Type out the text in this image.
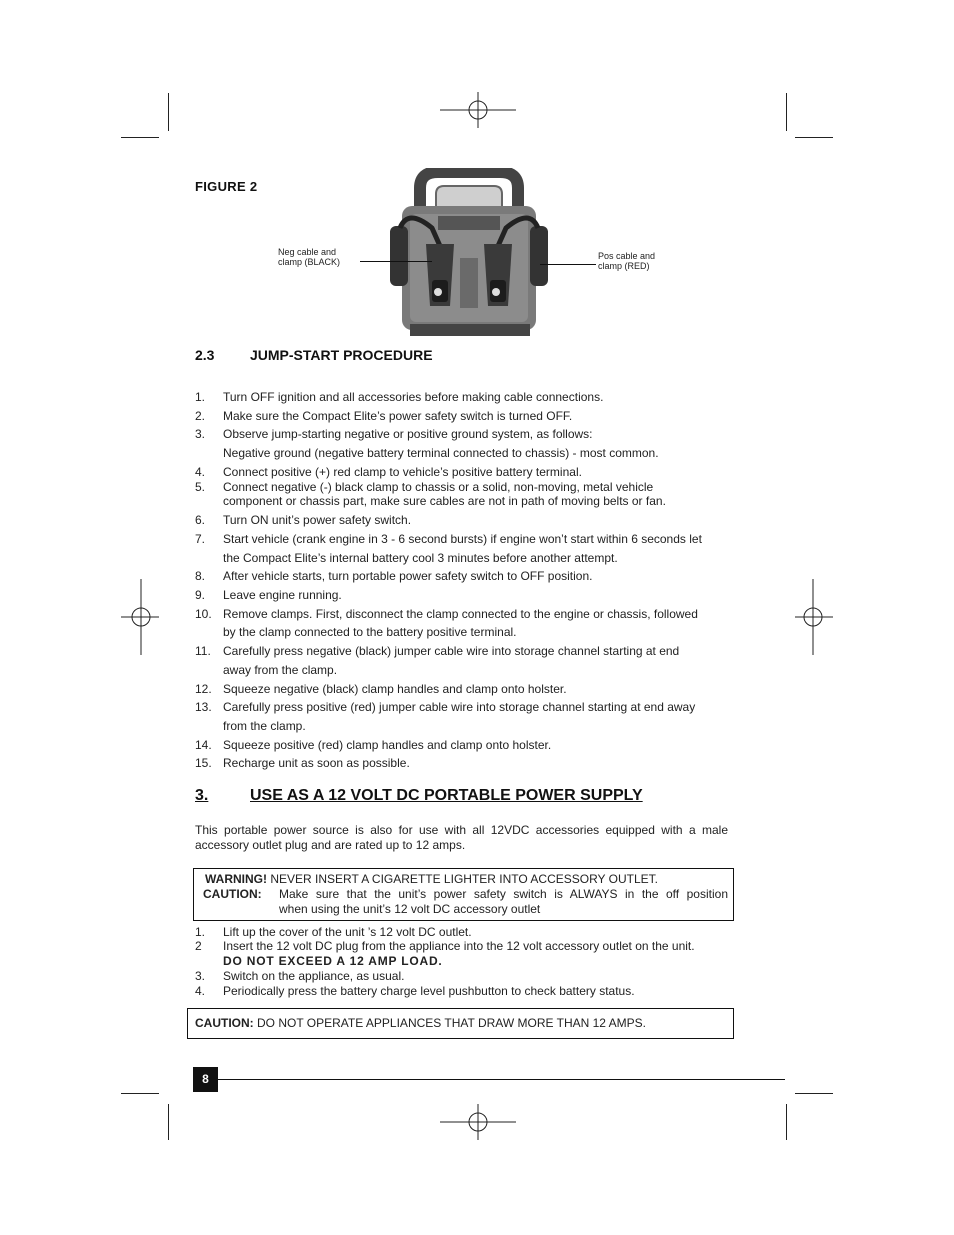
FIGURE 2
Neg cable and
clamp (BLACK)
Pos cable and
clamp (RED)
2.3	JUMP-START PROCEDURE
1. Turn OFF ignition and all accessories before making cable connections.
2. Make sure the Compact Elite’s power safety switch is turned OFF.
3. Observe jump-starting negative or positive ground system, as follows:
Negative ground (negative battery terminal connected to chassis) - most common.
4. Connect positive (+) red clamp to vehicle’s positive battery terminal.
5. Connect negative (-) black clamp to chassis or a solid, non-moving, metal vehicle
component or chassis part, make sure cables are not in path of moving belts or fan.
6. Turn ON unit’s power safety switch.
7. Start vehicle (crank engine in 3 - 6 second bursts) if engine won’t start within 6 seconds let
the Compact Elite’s internal battery cool 3 minutes before another attempt.
8. After vehicle starts, turn portable power safety switch to OFF position.
9. Leave engine running.
10. Remove clamps. First, disconnect the clamp connected to the engine or chassis, followed
by the clamp connected to the battery positive terminal.
11. Carefully press negative (black) jumper cable wire into storage channel starting at end
away from the clamp.
12. Squeeze negative (black) clamp handles and clamp onto holster.
13. Carefully press positive (red) jumper cable wire into storage channel starting at end away
from the clamp.
14. Squeeze positive (red) clamp handles and clamp onto holster.
15. Recharge unit as soon as possible.
3.	USE AS A 12 VOLT DC PORTABLE POWER SUPPLY
This portable power source is also for use with all 12VDC accessories equipped with a male
accessory outlet plug and are rated up to 12 amps.
WARNING! NEVER INSERT A CIGARETTE LIGHTER INTO ACCESSORY OUTLET.
CAUTION: Make sure that the unit’s power safety switch is ALWAYS in the off position
when using the unit’s 12 volt DC accessory outlet
1. Lift up the cover of the unit ’s 12 volt DC outlet.
2 Insert the 12 volt DC plug from the appliance into the 12 volt accessory outlet on the unit.
DO NOT EXCEED A 12 AMP LOAD.
3. Switch on the appliance, as usual.
4. Periodically press the battery charge level pushbutton to check battery status.
CAUTION: DO NOT OPERATE APPLIANCES THAT DRAW MORE THAN 12 AMPS.
8
